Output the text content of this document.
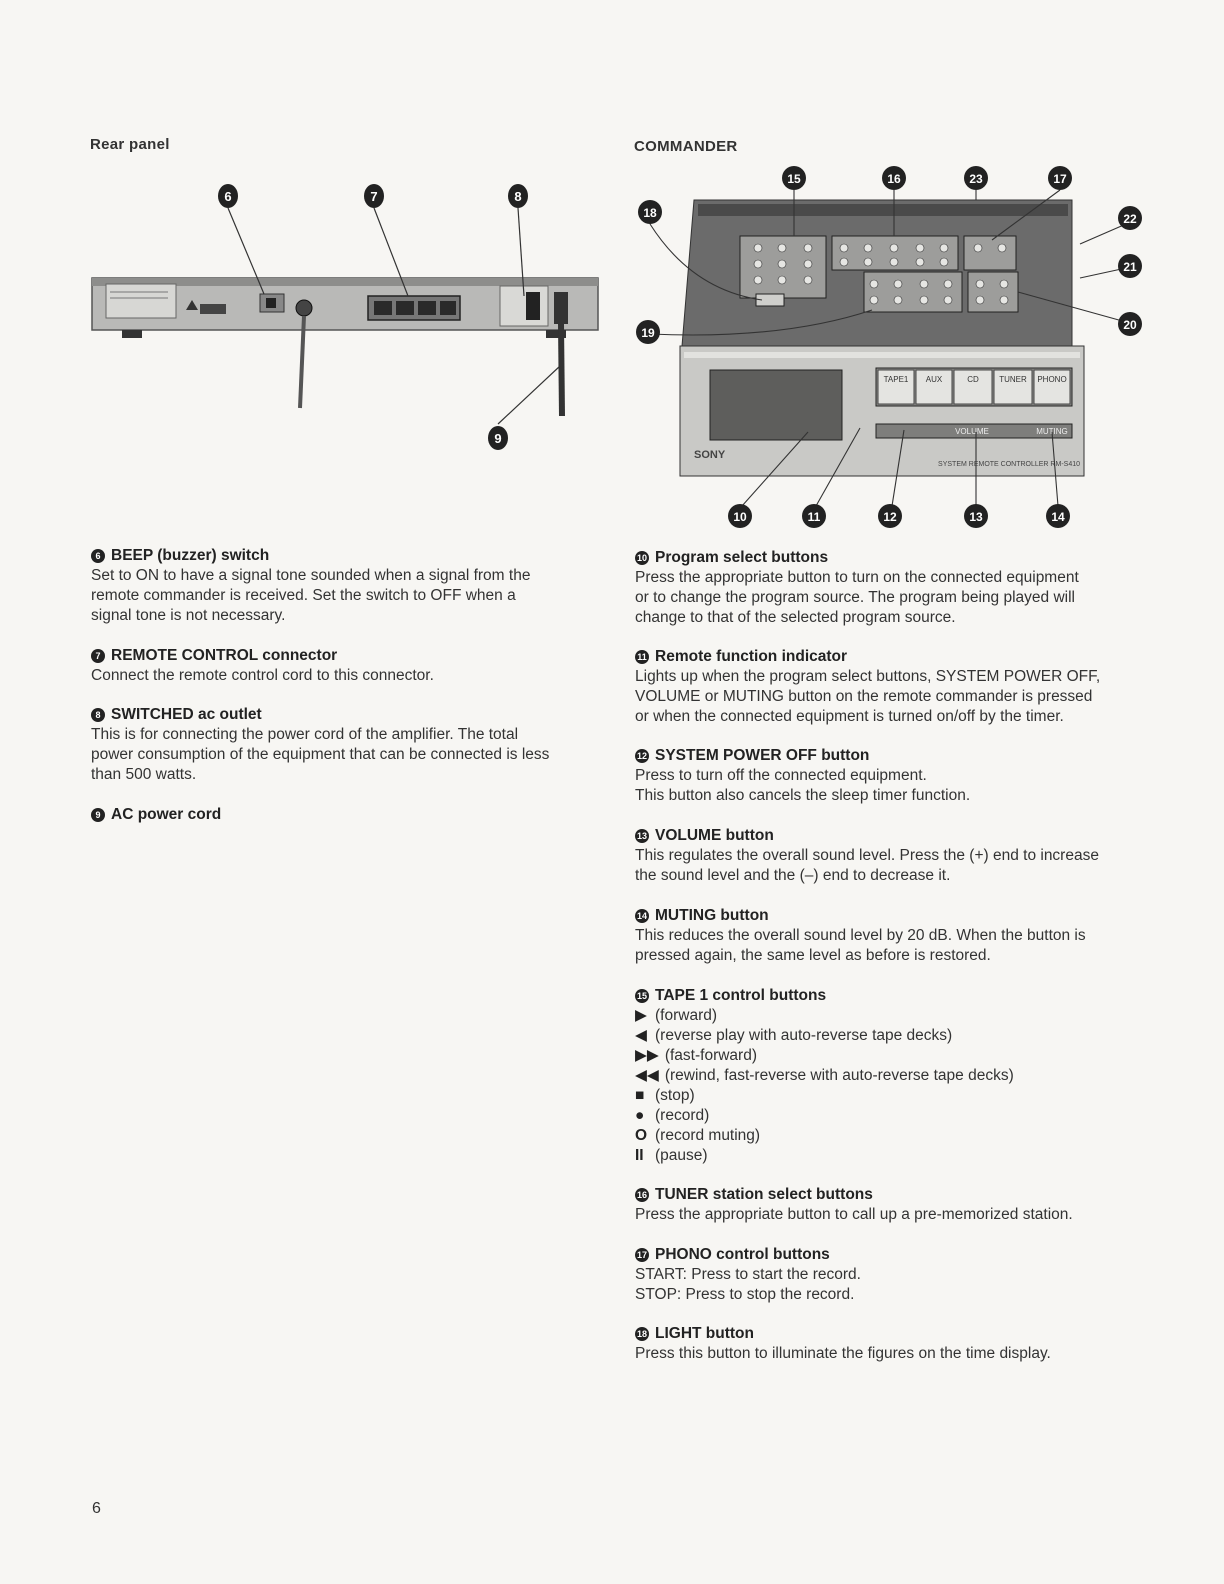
Rear panel	COMMANDER
6	7	8
9
TAPE1 AUX	CD	TUNER PHONO
VOLUME	MUTING
SONY
SYSTEM REMOTE CONTROLLER RM-S410
15	16	23	17
18	22
21
19
20
10	11	12	13	14
6 BEEP (buzzer) switch
Set to ON to have a signal tone sounded when a signal from the
remote commander is received. Set the switch to OFF when a
signal tone is not necessary.
7 REMOTE CONTROL connector
Connect the remote control cord to this connector.
8 SWITCHED ac outlet
This is for connecting the power cord of the amplifier. The total
power consumption of the equipment that can be connected is less
than 500 watts.
9 AC power cord
10 Program select buttons
Press the appropriate button to turn on the connected equipment
or to change the program source. The program being played will
change to that of the selected program source.
11 Remote function indicator
Lights up when the program select buttons, SYSTEM POWER OFF,
VOLUME or MUTING button on the remote commander is pressed
or when the connected equipment is turned on/off by the timer.
12 SYSTEM POWER OFF button
Press to turn off the connected equipment.
This button also cancels the sleep timer function.
13 VOLUME button
This regulates the overall sound level. Press the (+) end to increase
the sound level and the (–) end to decrease it.
14 MUTING button
This reduces the overall sound level by 20 dB. When the button is
pressed again, the same level as before is restored.
15 TAPE 1 control buttons
▶ (forward)
◀ (reverse play with auto-reverse tape decks)
▶▶ (fast-forward)
◀◀ (rewind, fast-reverse with auto-reverse tape decks)
■ (stop)
● (record)
O (record muting)
II (pause)
16 TUNER station select buttons
Press the appropriate button to call up a pre-memorized station.
17 PHONO control buttons
START: Press to start the record.
STOP: Press to stop the record.
18 LIGHT button
Press this button to illuminate the figures on the time display.
6
